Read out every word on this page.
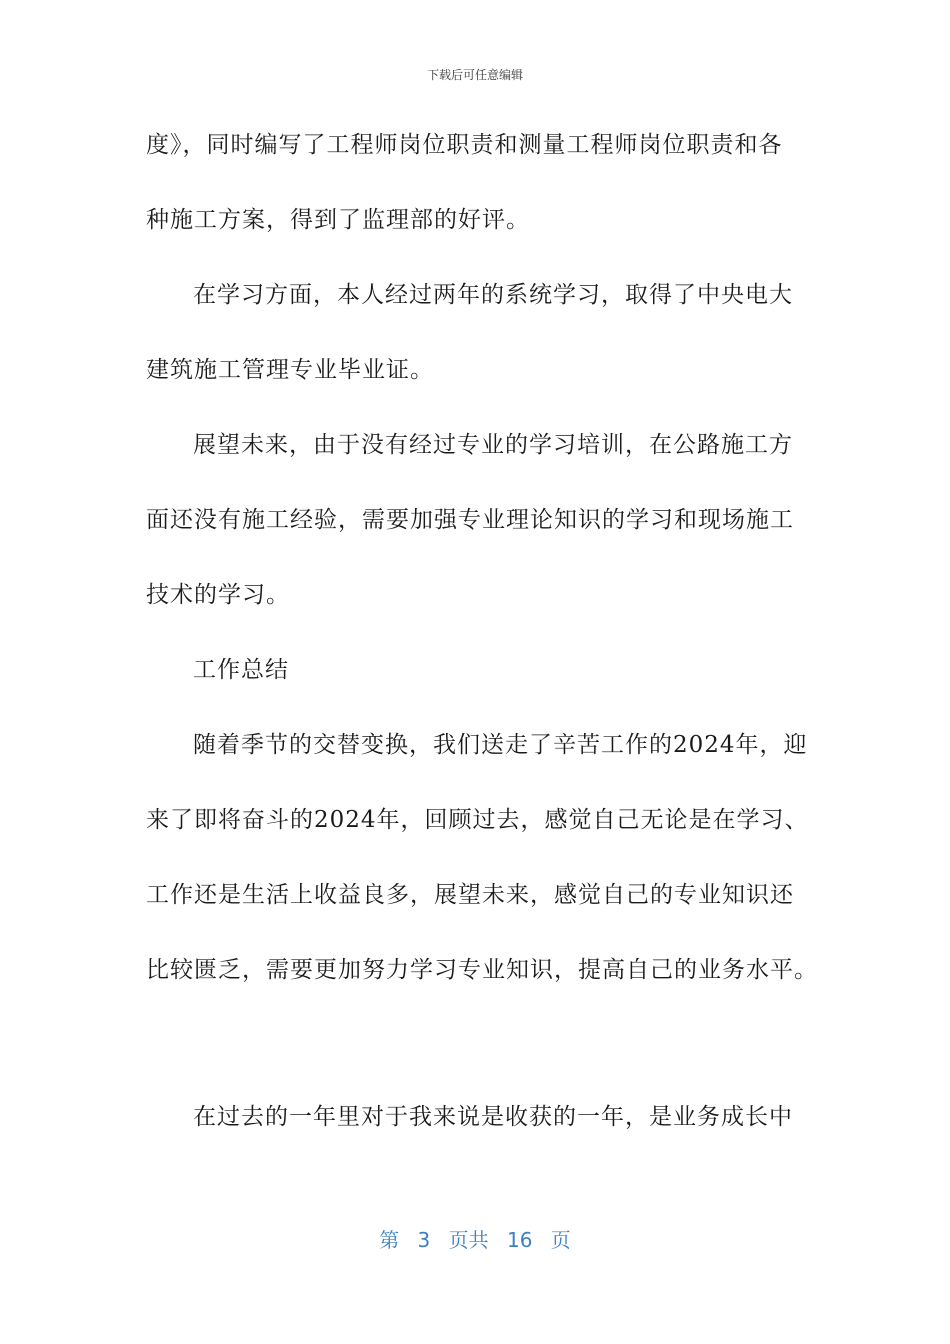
下载后可任意编辑
度》，同时编写了工程师岗位职责和测量工程师岗位职责和各
种施工方案，得到了监理部的好评。
在学习方面，本人经过两年的系统学习，取得了中央电大
建筑施工管理专业毕业证。
展望未来，由于没有经过专业的学习培训，在公路施工方
面还没有施工经验，需要加强专业理论知识的学习和现场施工
技术的学习。
工作总结
随着季节的交替变换，我们送走了辛苦工作的2024年，迎
来了即将奋斗的2024年，回顾过去，感觉自己无论是在学习、
工作还是生活上收益良多，展望未来，感觉自己的专业知识还
比较匮乏，需要更加努力学习专业知识，提高自己的业务水平。
在过去的一年里对于我来说是收获的一年，是业务成长中
第 3 页共 16 页
